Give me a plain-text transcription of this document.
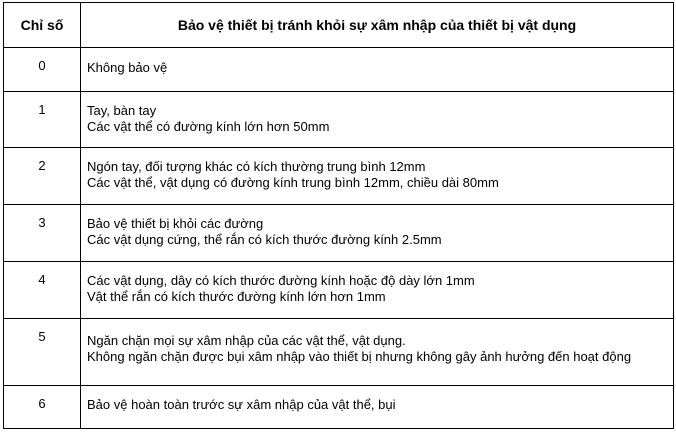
Chỉ số	Bảo vệ thiết bị tránh khỏi sự xâm nhập của thiết bị vật dụng
0	Không bảo vệ

1	Tay, bàn tay
Các vật thể có đường kính lớn hơn 50mm

2	Ngón tay, đối tượng khác có kích thường trung bình 12mm
Các vật thể, vật dụng có đường kính trung bình 12mm, chiều dài 80mm

3	Bảo vệ thiết bị khỏi các đường
Các vật dụng cứng, thể rắn có kích thước đường kính 2.5mm

4	Các vật dụng, dây có kích thước đường kính hoặc độ dày lớn 1mm
Vật thể rắn có kích thước đường kính lớn hơn 1mm

5	Ngăn chặn mọi sự xâm nhập của các vật thể, vật dụng.
Không ngăn chặn được bụi xâm nhập vào thiết bị nhưng không gây ảnh hưởng đến hoạt động

6	Bảo vệ hoàn toàn trước sự xâm nhập của vật thể, bụi
